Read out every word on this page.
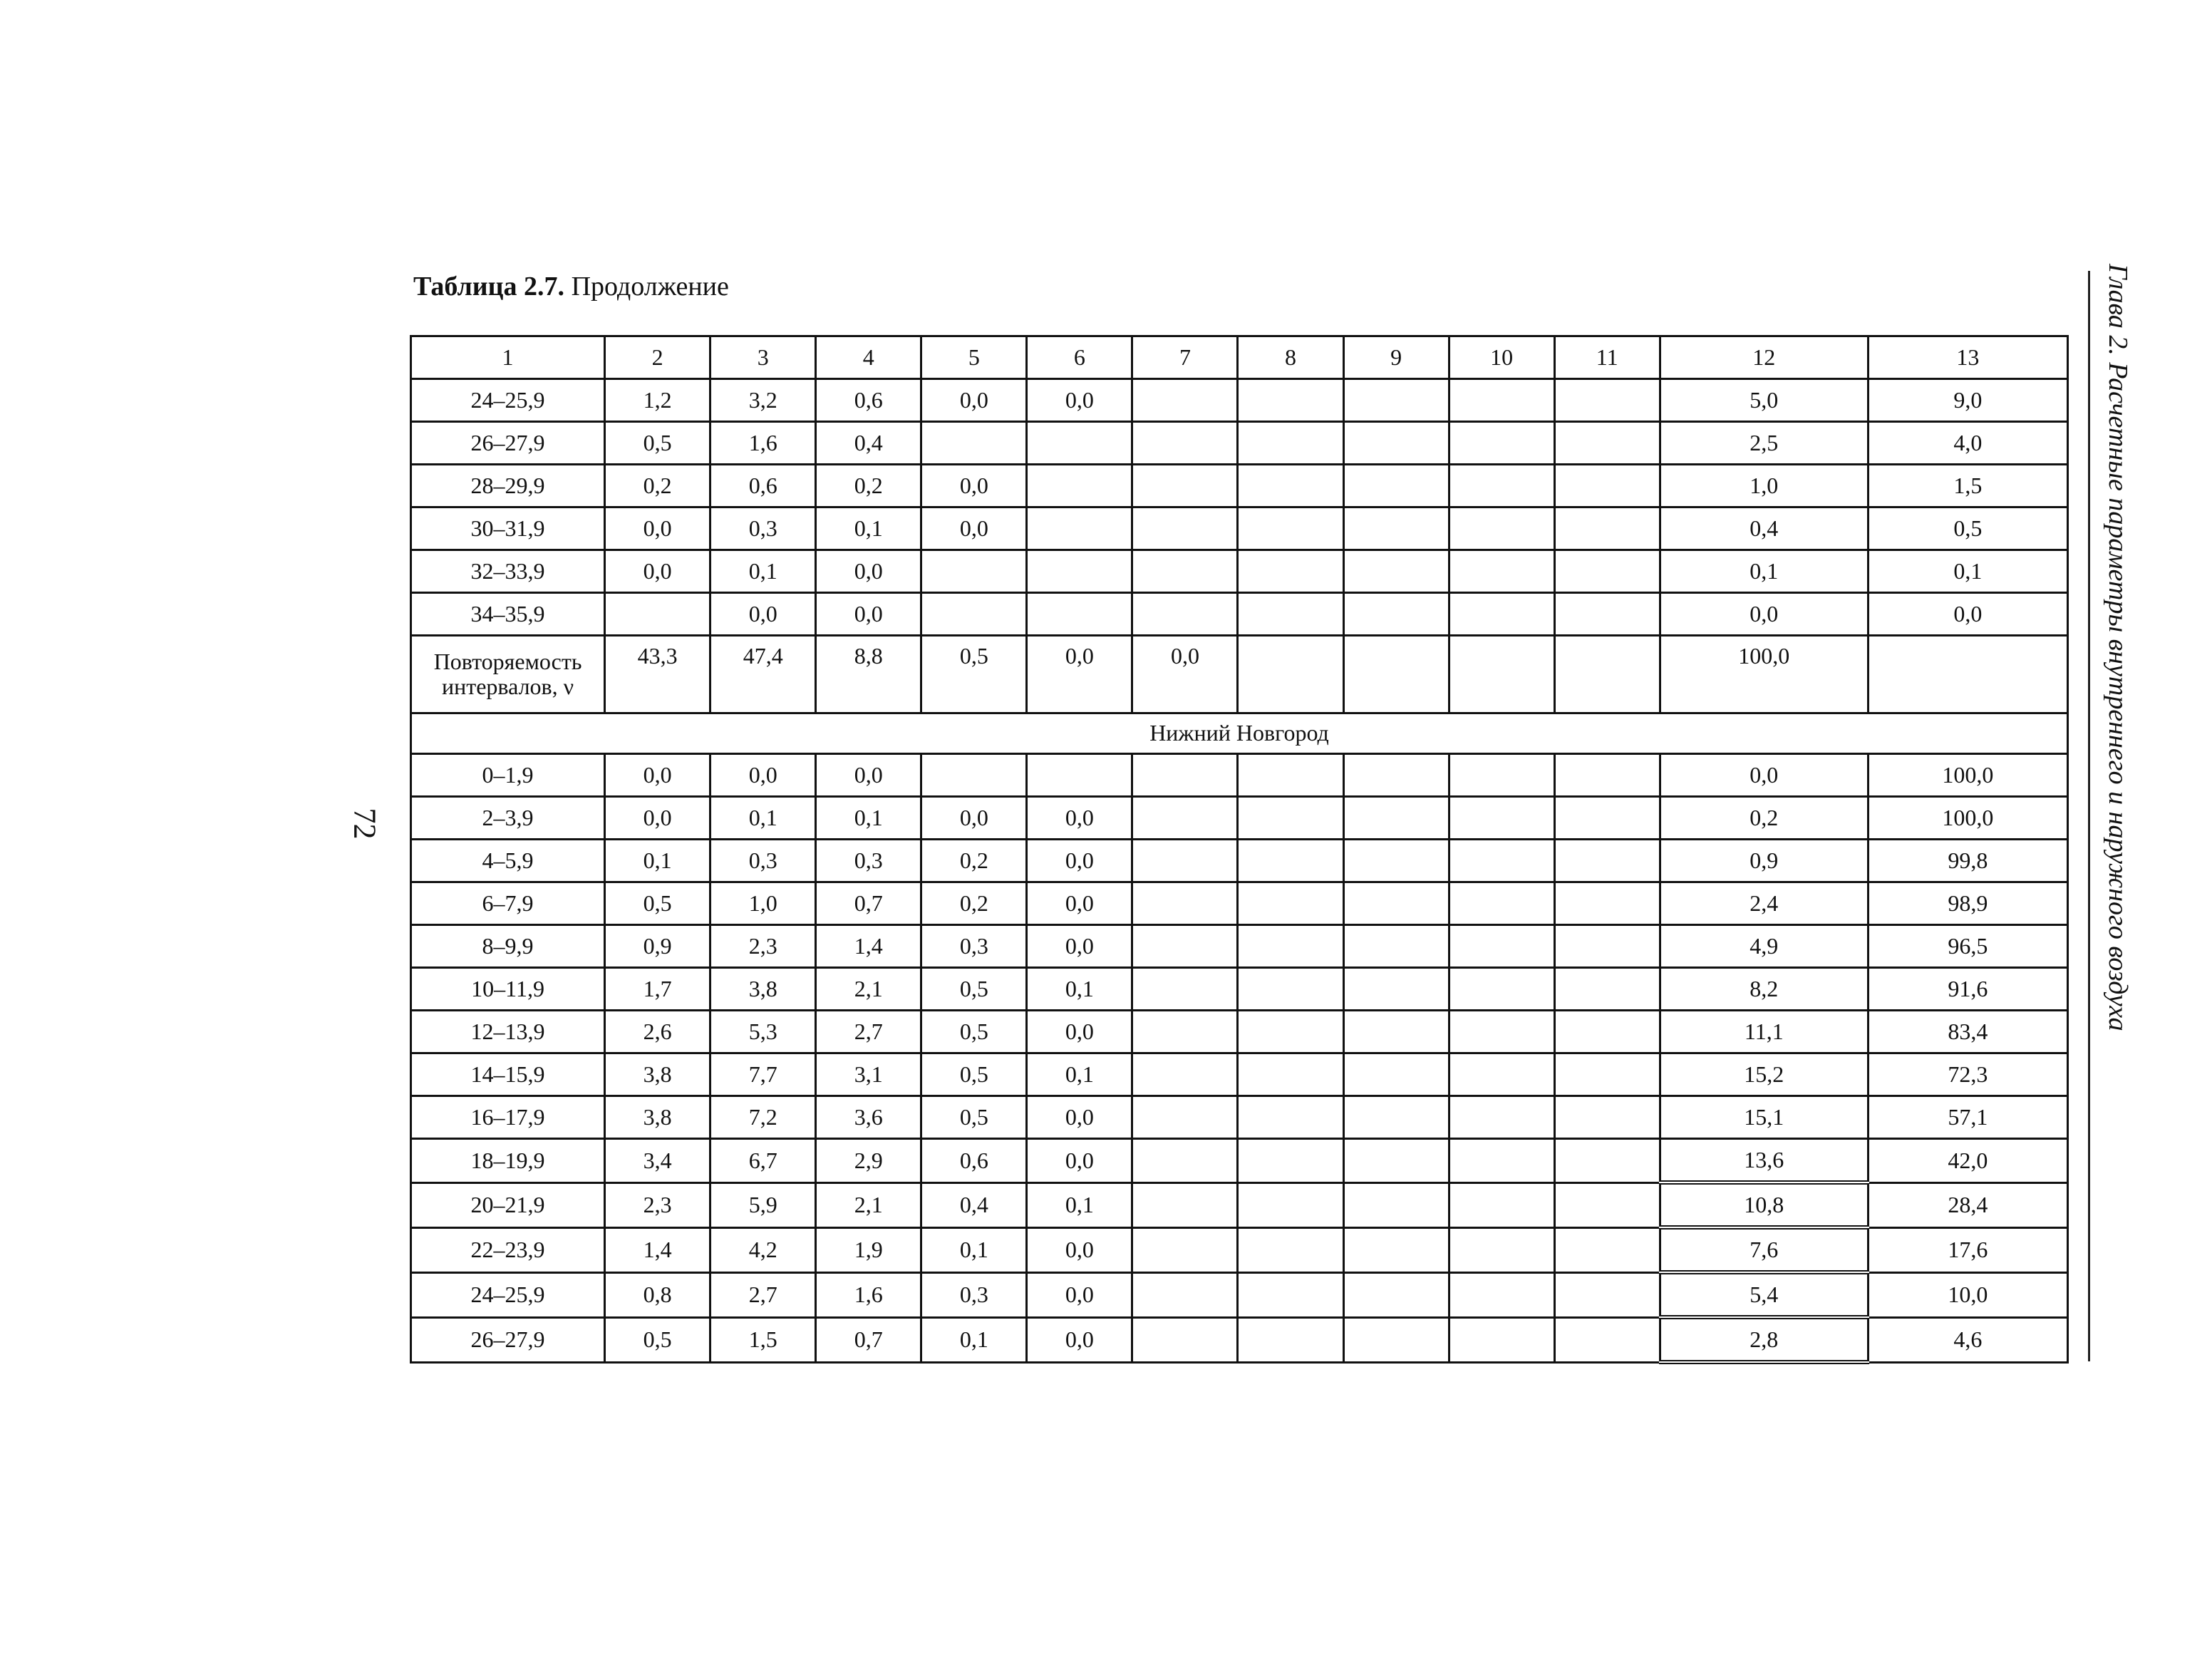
Таблица 2.7. Продолжение
72	Глава 2. Расчетные параметры внутреннего и наружного воздуха
1	2	3	4	5	6	7	8	9	10	11	12	13
24–25,9	1,2	3,2	0,6	0,0	0,0						5,0	9,0
26–27,9	0,5	1,6	0,4								2,5	4,0
28–29,9	0,2	0,6	0,2	0,0							1,0	1,5
30–31,9	0,0	0,3	0,1	0,0							0,4	0,5
32–33,9	0,0	0,1	0,0								0,1	0,1
34–35,9		0,0	0,0								0,0	0,0
Повторяемость интервалов, ν	43,3	47,4	8,8	0,5	0,0	0,0					100,0	
Нижний Новгород												
0–1,9	0,0	0,0	0,0								0,0	100,0
2–3,9	0,0	0,1	0,1	0,0	0,0						0,2	100,0
4–5,9	0,1	0,3	0,3	0,2	0,0						0,9	99,8
6–7,9	0,5	1,0	0,7	0,2	0,0						2,4	98,9
8–9,9	0,9	2,3	1,4	0,3	0,0						4,9	96,5
10–11,9	1,7	3,8	2,1	0,5	0,1						8,2	91,6
12–13,9	2,6	5,3	2,7	0,5	0,0						11,1	83,4
14–15,9	3,8	7,7	3,1	0,5	0,1						15,2	72,3
16–17,9	3,8	7,2	3,6	0,5	0,0						15,1	57,1
18–19,9	3,4	6,7	2,9	0,6	0,0						13,6	42,0
20–21,9	2,3	5,9	2,1	0,4	0,1						10,8	28,4
22–23,9	1,4	4,2	1,9	0,1	0,0						7,6	17,6
24–25,9	0,8	2,7	1,6	0,3	0,0						5,4	10,0
26–27,9	0,5	1,5	0,7	0,1	0,0						2,8	4,6
